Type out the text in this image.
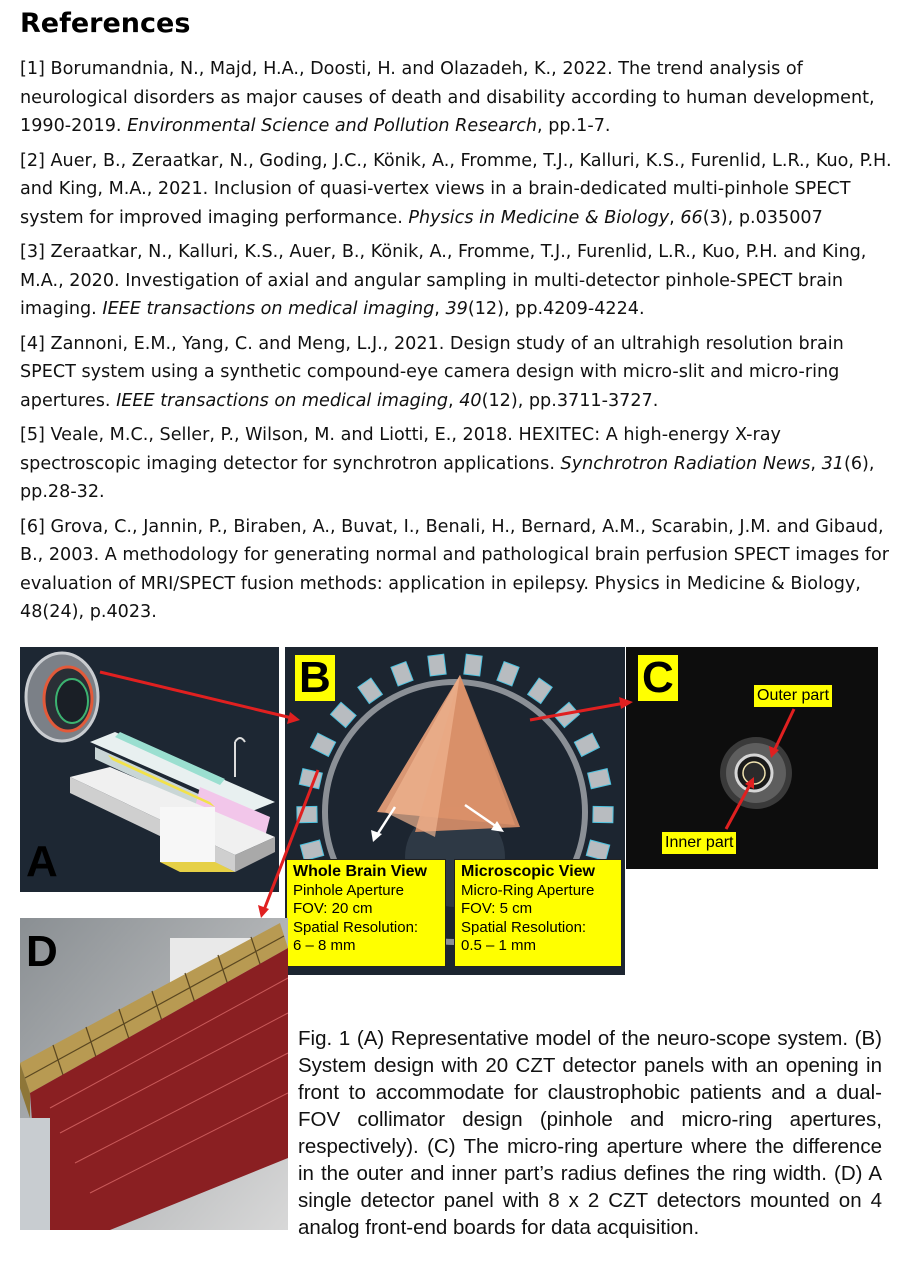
References

[1] Borumandnia, N., Majd, H.A., Doosti, H. and Olazadeh, K., 2022. The trend analysis of neurological disorders as major causes of death and disability according to human development, 1990-2019. Environmental Science and Pollution Research, pp.1-7.

[2] Auer, B., Zeraatkar, N., Goding, J.C., Könik, A., Fromme, T.J., Kalluri, K.S., Furenlid, L.R., Kuo, P.H. and King, M.A., 2021. Inclusion of quasi-vertex views in a brain-dedicated multi-pinhole SPECT system for improved imaging performance. Physics in Medicine & Biology, 66(3), p.035007

[3] Zeraatkar, N., Kalluri, K.S., Auer, B., Könik, A., Fromme, T.J., Furenlid, L.R., Kuo, P.H. and King, M.A., 2020. Investigation of axial and angular sampling in multi-detector pinhole-SPECT brain imaging. IEEE transactions on medical imaging, 39(12), pp.4209-4224.

[4] Zannoni, E.M., Yang, C. and Meng, L.J., 2021. Design study of an ultrahigh resolution brain SPECT system using a synthetic compound-eye camera design with micro-slit and micro-ring apertures. IEEE transactions on medical imaging, 40(12), pp.3711-3727.

[5] Veale, M.C., Seller, P., Wilson, M. and Liotti, E., 2018. HEXITEC: A high-energy X-ray spectroscopic imaging detector for synchrotron applications. Synchrotron Radiation News, 31(6), pp.28-32.

[6] Grova, C., Jannin, P., Biraben, A., Buvat, I., Benali, H., Bernard, A.M., Scarabin, J.M. and Gibaud, B., 2003. A methodology for generating normal and pathological brain perfusion SPECT images for evaluation of MRI/SPECT fusion methods: application in epilepsy. Physics in Medicine & Biology, 48(24), p.4023.

A
B
Whole Brain View
Pinhole Aperture
FOV: 20 cm
Spatial Resolution:
6 – 8 mm
Microscopic View
Micro-Ring Aperture
FOV: 5 cm
Spatial Resolution:
0.5 – 1 mm
C	Outer part
Inner part
D

Fig. 1 (A) Representative model of the neuro-scope system. (B) System design with 20 CZT detector panels with an opening in front to accommodate for claustrophobic patients and a dual-FOV collimator design (pinhole and micro-ring apertures, respectively). (C) The micro-ring aperture where the difference in the outer and inner part’s radius defines the ring width. (D) A single detector panel with 8 x 2 CZT detectors mounted on 4 analog front-end boards for data acquisition.
